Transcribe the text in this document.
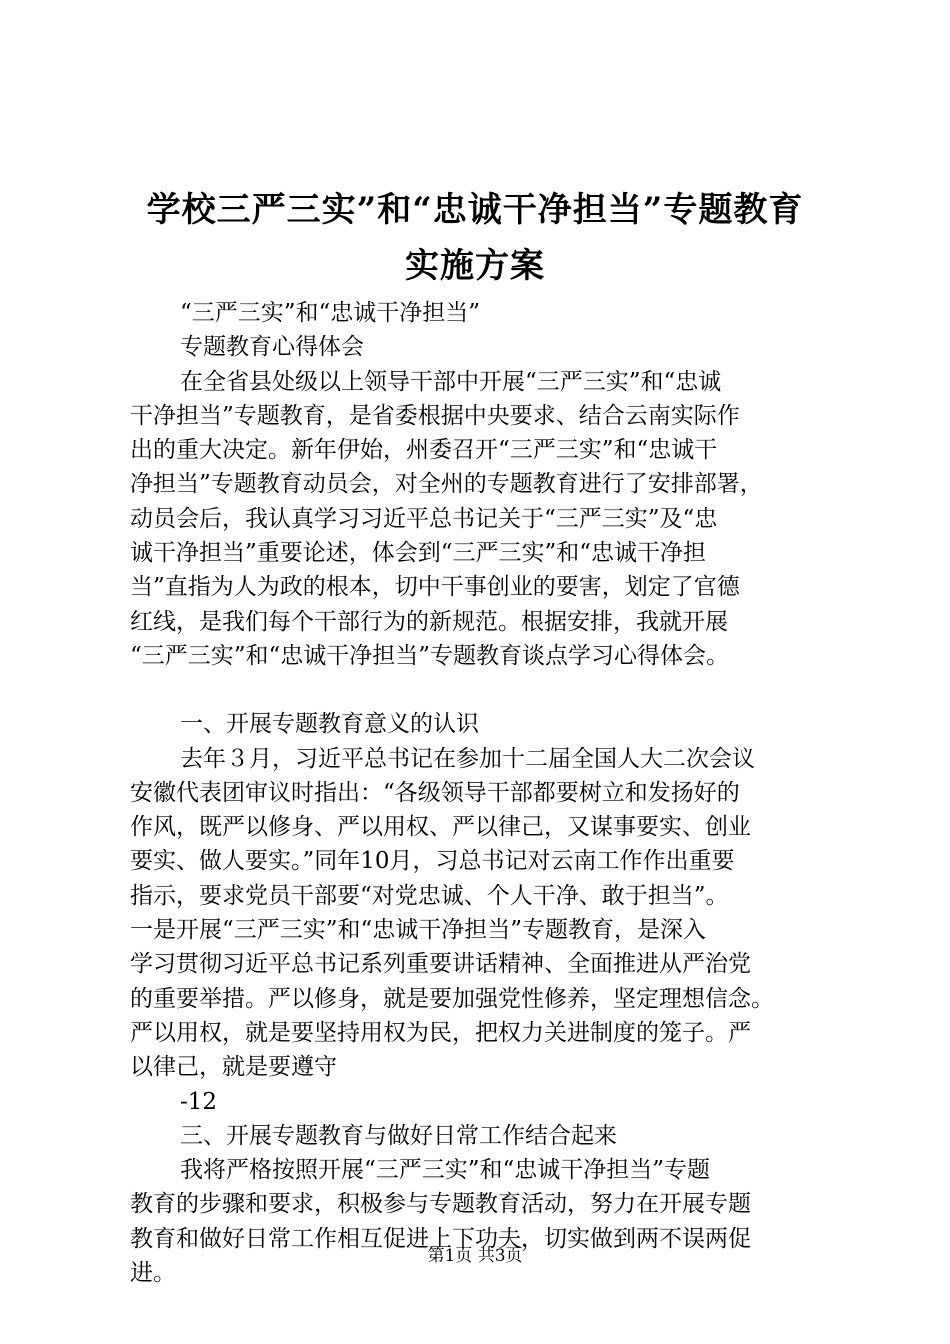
学校三严三实”和“忠诚干净担当”专题教育
实施方案

“三严三实”和“忠诚干净担当”

专题教育心得体会

在全省县处级以上领导干部中开展“三严三实”和“忠诚

干净担当”专题教育，是省委根据中央要求、结合云南实际作

出的重大决定。新年伊始，州委召开“三严三实”和“忠诚干

净担当”专题教育动员会，对全州的专题教育进行了安排部署，

动员会后，我认真学习习近平总书记关于“三严三实”及“忠

诚干净担当”重要论述，体会到“三严三实”和“忠诚干净担

当”直指为人为政的根本，切中干事创业的要害，划定了官德

红线，是我们每个干部行为的新规范。根据安排，我就开展

“三严三实”和“忠诚干净担当”专题教育谈点学习心得体会。

一、开展专题教育意义的认识

去年３月，习近平总书记在参加十二届全国人大二次会议

安徽代表团审议时指出：“各级领导干部都要树立和发扬好的

作风，既严以修身、严以用权、严以律己，又谋事要实、创业

要实、做人要实。”同年10月，习总书记对云南工作作出重要

指示，要求党员干部要“对党忠诚、个人干净、敢于担当”。

一是开展“三严三实”和“忠诚干净担当”专题教育，是深入

学习贯彻习近平总书记系列重要讲话精神、全面推进从严治党

的重要举措。严以修身，就是要加强党性修养，坚定理想信念。

严以用权，就是要坚持用权为民，把权力关进制度的笼子。严

以律己，就是要遵守

-12

三、开展专题教育与做好日常工作结合起来

我将严格按照开展“三严三实”和“忠诚干净担当”专题

教育的步骤和要求，积极参与专题教育活动，努力在开展专题

教育和做好日常工作相互促进上下功夫，切实做到两不误两促

进。

第1页 共3页
